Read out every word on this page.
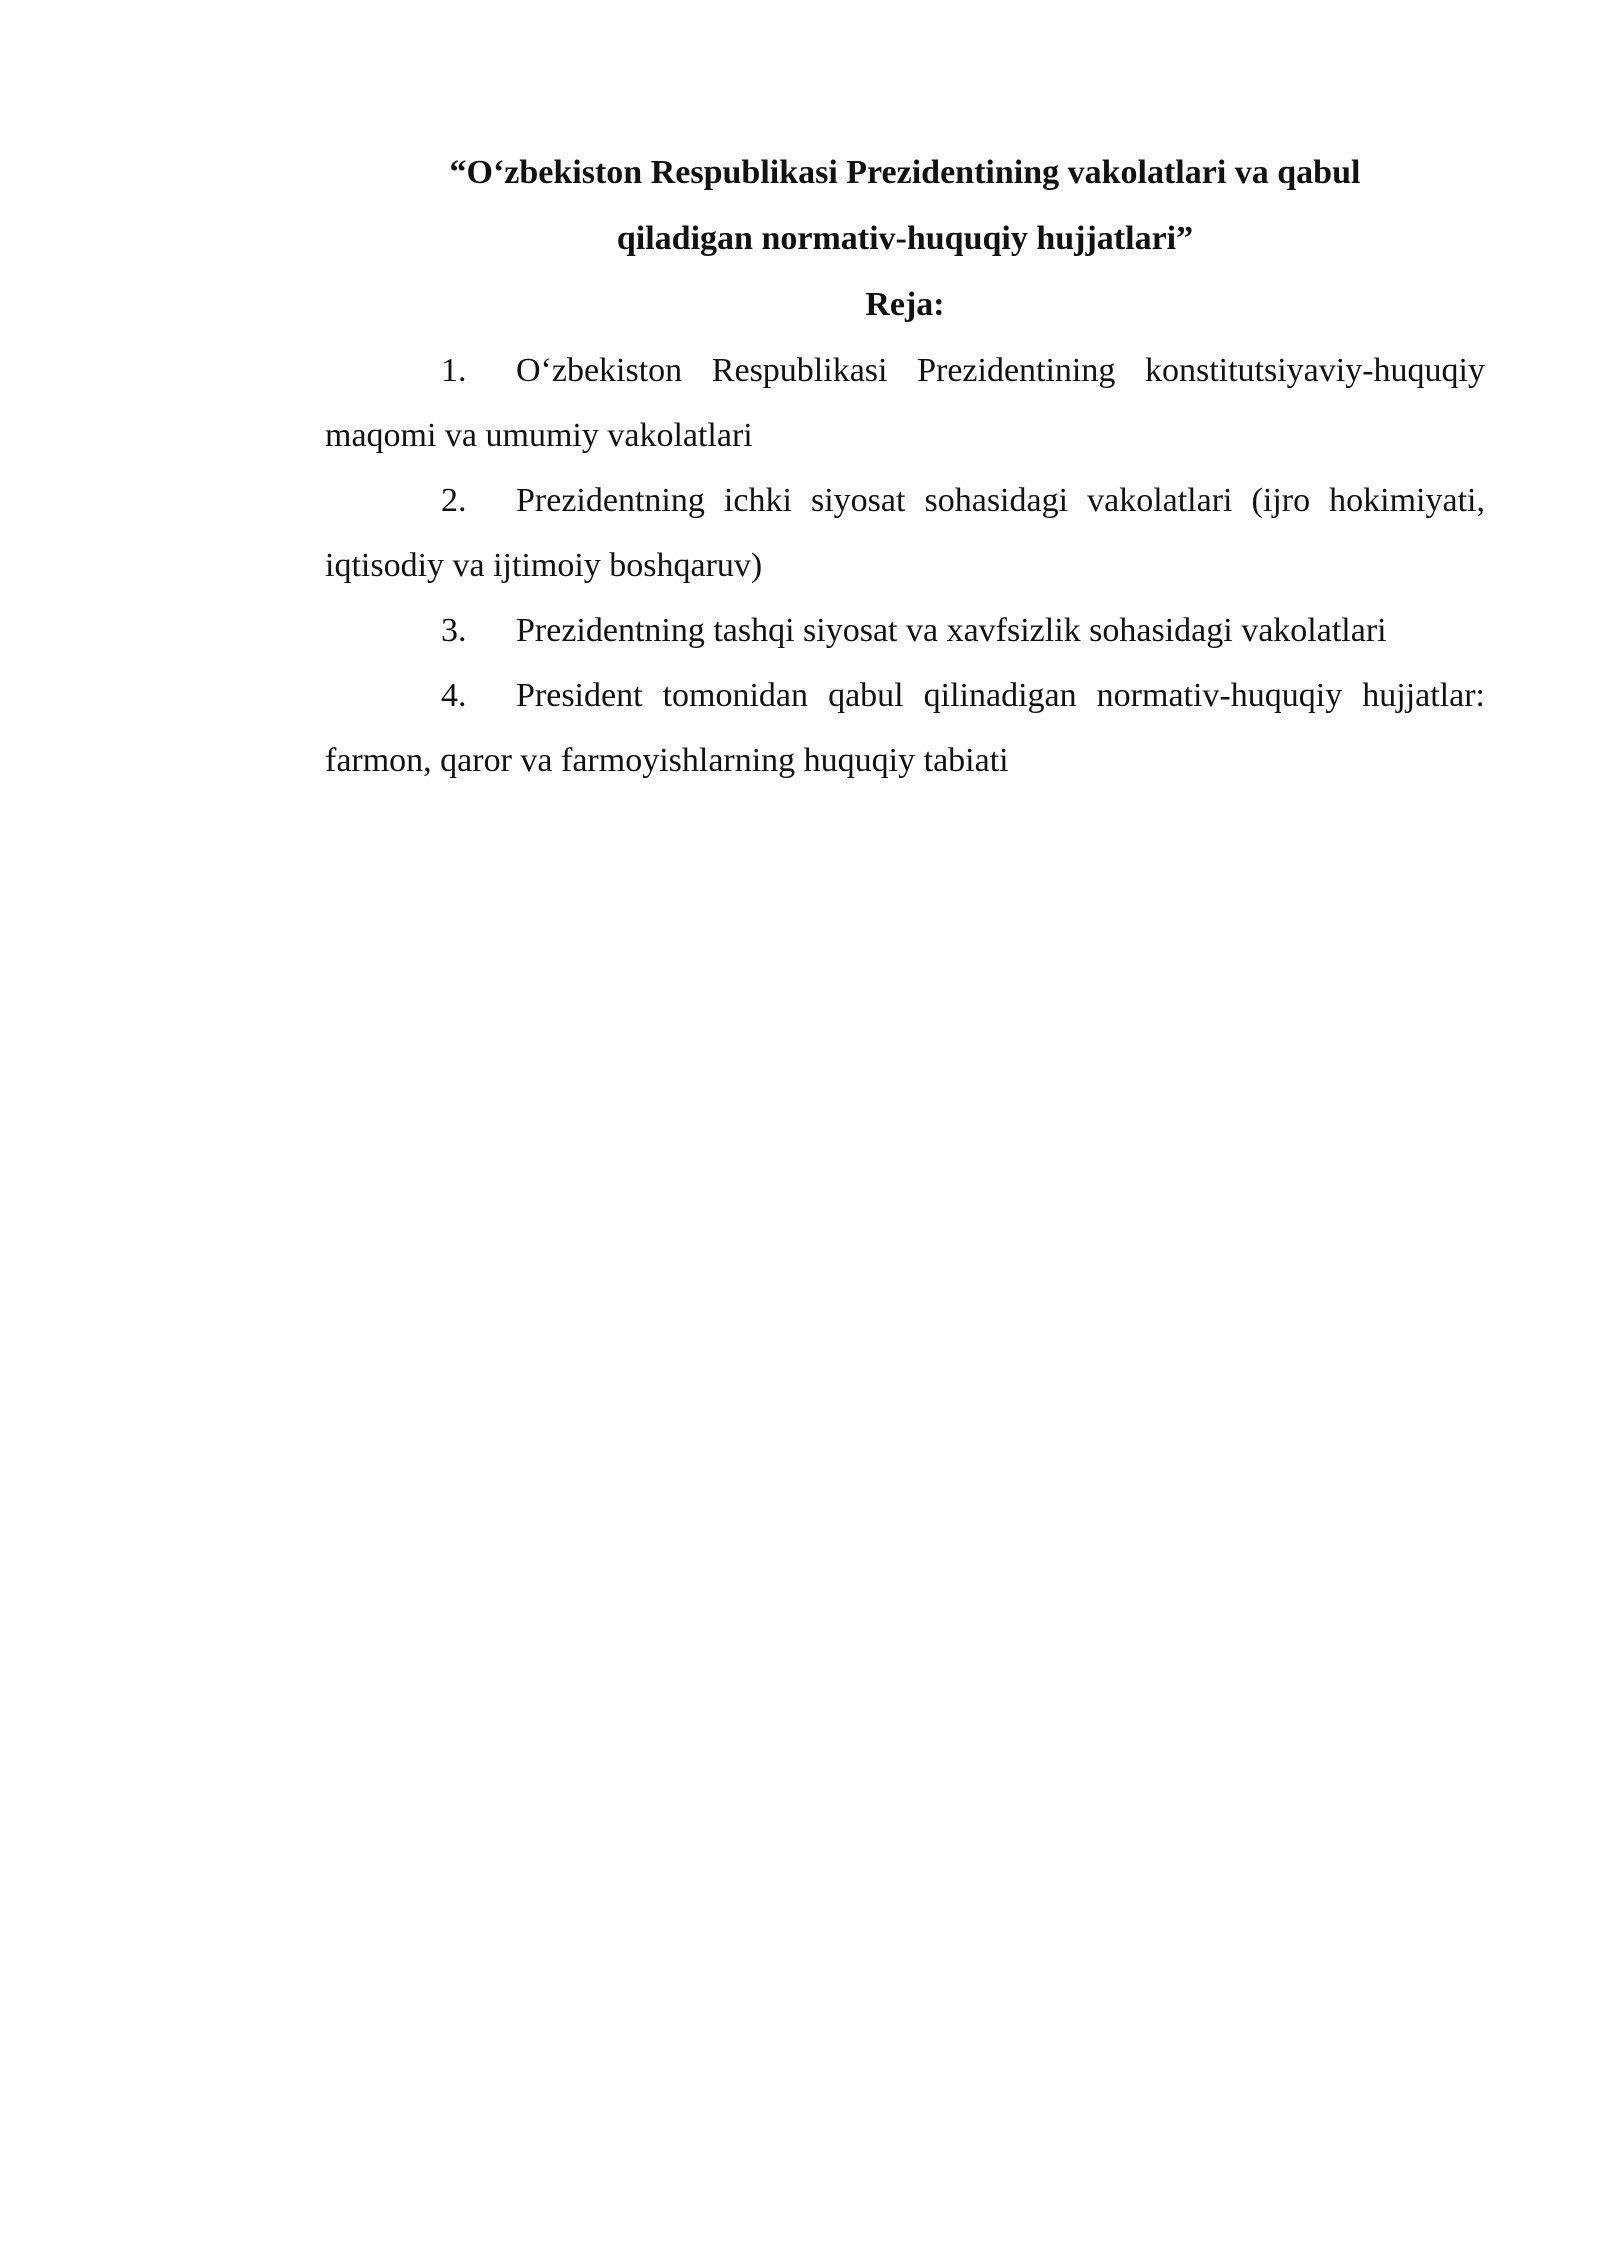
“O‘zbekiston Respublikasi Prezidentining vakolatlari va qabul
qiladigan normativ-huquqiy hujjatlari”
Reja:
1. O‘zbekiston Respublikasi Prezidentining konstitutsiyaviy-huquqiy maqomi va umumiy vakolatlari
2. Prezidentning ichki siyosat sohasidagi vakolatlari (ijro hokimiyati, iqtisodiy va ijtimoiy boshqaruv)
3. Prezidentning tashqi siyosat va xavfsizlik sohasidagi vakolatlari
4. President tomonidan qabul qilinadigan normativ-huquqiy hujjatlar: farmon, qaror va farmoyishlarning huquqiy tabiati
